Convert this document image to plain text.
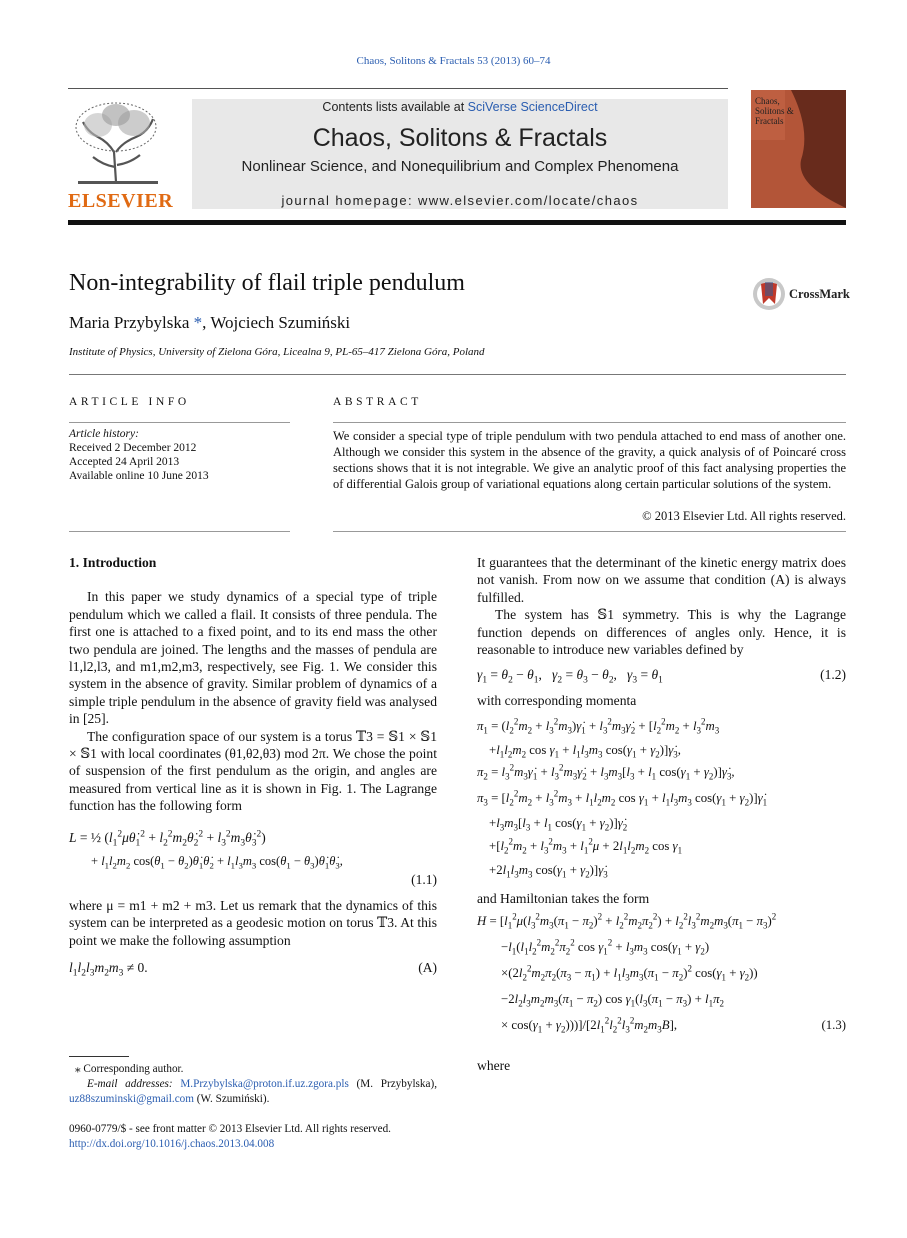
Chaos, Solitons & Fractals 53 (2013) 60–74
ELSEVIER
Contents lists available at SciVerse ScienceDirect
Chaos, Solitons & Fractals
Nonlinear Science, and Nonequilibrium and Complex Phenomena
journal homepage: www.elsevier.com/locate/chaos
Chaos, Solitons & Fractals
Non-integrability of flail triple pendulum	CrossMark
Maria Przybylska *, Wojciech Szumiński
Institute of Physics, University of Zielona Góra, Licealna 9, PL-65–417 Zielona Góra, Poland
ARTICLE INFO
Article history:
Received 2 December 2012
Accepted 24 April 2013
Available online 10 June 2013
ABSTRACT
We consider a special type of triple pendulum with two pendula attached to end mass of another one. Although we consider this system in the absence of the gravity, a quick analysis of of Poincaré cross sections shows that it is not integrable. We give an analytic proof of this fact analysing properties the of differential Galois group of variational equations along certain particular solutions of the system.
© 2013 Elsevier Ltd. All rights reserved.
1. Introduction

In this paper we study dynamics of a special type of triple pendulum which we called a flail. It consists of three pendula. The first one is attached to a fixed point, and to its end mass the other two pendula are joined. The lengths and the masses of pendula are l1,l2,l3, and m1,m2,m3, respectively, see Fig. 1. We consider this system in the absence of gravity. Similar problem of dynamics of a simple triple pendulum in the absence of gravity field was analysed in [25].

The configuration space of our system is a torus 𝕋3 = 𝕊1 × 𝕊1 × 𝕊1 with local coordinates (θ1,θ2,θ3) mod 2π. We chose the point of suspension of the first pendulum as the origin, and angles are measured from vertical line as it is shown in Fig. 1. The Lagrange function has the following form

L = ½ ($l_1^2\mu\thetȧ_1^2$ + $l_2^2m_2\thetȧ_2^2$ + $l_3^2m_3\thetȧ_3^2$)
+ $l_1l_2m_2$ $\cos(\theta_1$ − $\theta_2)\thetȧ_1\thetȧ_2 + l_1l_3m_3$ $\cos(\theta_1$ − $\theta_3)\thetȧ_1\thetȧ_3$,
(1.1)

where μ = m1 + m2 + m3. Let us remark that the dynamics of this system can be interpreted as a geodesic motion on torus 𝕋3. At this point we make the following assumption

$l_1l_2l_3m_2m_3 \ne 0$.	(A)
⁎ Corresponding author.
E-mail addresses: M.Przybylska@proton.if.uz.zgora.pls (M. Przybylska), uz88szuminski@gmail.com (W. Szumiński).
0960-0779/$ - see front matter © 2013 Elsevier Ltd. All rights reserved.
http://dx.doi.org/10.1016/j.chaos.2013.04.008

It guarantees that the determinant of the kinetic energy matrix does not vanish. From now on we assume that condition (A) is always fulfilled.

The system has 𝕊1 symmetry. This is why the Lagrange function depends on differences of angles only. Hence, it is reasonable to introduce new variables defined by

$\gamma_1 = \theta_2 - \theta_1$,   $\gamma_2 = \theta_3 - \theta_2$,   $\gamma_3 = \theta_1$	(1.2)

with corresponding momenta

$\pi_1 = (l_2^2m_2$ + $l_3^2m_3)\gammȧ_1$ + $l_3^2m_3\gammȧ_2 + [l_2^2m_2 + l_3^2m_3$
$+l_1l_2m_2$ $\cos \gamma_1 + l_1l_3m_3$ $\cos(\gamma_1$ + $\gamma_2)]\gammȧ_3$,
$\pi_2$ = $l_3^2m_3\gammȧ_1$ + $l_3^2m_3\gammȧ_2 + l_3m_3[l_3 + l_1$ $\cos(\gamma_1$ + $\gamma_2)]\gammȧ_3$,
$\pi_3 = [l_2^2m_2 + l_3^2m_3 + l_1l_2m_2$ $\cos \gamma_1 + l_1l_3m_3$ $\cos(\gamma_1$ + $\gamma_2)]\gammȧ_1$
$+l_3m_3[l_3 + l_1$ $\cos(\gamma_1$ + $\gamma_2)]\gammȧ_2$
$+[l_2^2m_2 + l_3^2m_3 + l_1^2\mu + 2l_1l_2m_2$ $\cos \gamma_1$
$+2l_1l_3m_3$ $\cos(\gamma_1$ + $\gamma_2)]\gammȧ_3$

and Hamiltonian takes the form

$H = [l_1^2\mu(l_3^2m_3(\pi_1 - \pi_2)^2 + l_2^2m_2\pi_2^2) + l_2^2l_3^2m_2m_3(\pi_1 - \pi_3)^2$
$-l_1(l_1l_2^2m_2^2\pi_2^2$ $\cos \gamma_1^2 + l_3m_3$ $\cos(\gamma_1 + \gamma_2)$
$\times(2l_2^2m_2\pi_2(\pi_3 - \pi_1) + l_1l_3m_3(\pi_1 - \pi_2)^2$ $\cos(\gamma_1 + \gamma_2)$)
$-2l_2l_3m_2m_3(\pi_1 - \pi_2)$ $\cos \gamma_1(l_3(\pi_1 - \pi_3) + l_1\pi_2$
× $\cos(\gamma_1 + \gamma_2)))]/[2l_1^2l_2^2l_3^2m_2m_3B]$,	(1.3)

where
